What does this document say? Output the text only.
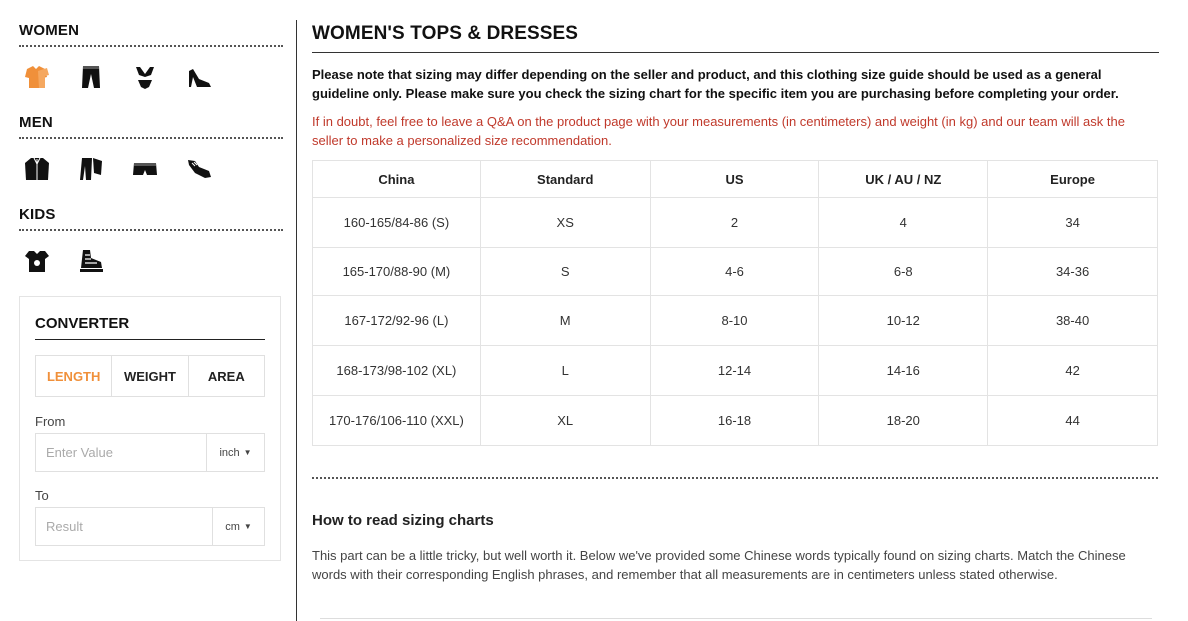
WOMEN
MEN
KIDS
CONVERTER
LENGTH	WEIGHT	AREA
From
Enter Value
inch ▼
To
Result
cm ▼
WOMEN'S TOPS & DRESSES
Please note that sizing may differ depending on the seller and product, and this clothing size guide should be used as a general guideline only. Please make sure you check the sizing chart for the specific item you are purchasing before completing your order.
If in doubt, feel free to leave a Q&A on the product page with your measurements (in centimeters) and weight (in kg) and our team will ask the seller to make a personalized size recommendation.
China	Standard	US	UK / AU / NZ	Europe
160-165/84-86 (S)	XS	2	4	34
165-170/88-90 (M)	S	4-6	6-8	34-36
167-172/92-96 (L)	M	8-10	10-12	38-40
168-173/98-102 (XL)	L	12-14	14-16	42
170-176/106-110 (XXL)	XL	16-18	18-20	44
How to read sizing charts
This part can be a little tricky, but well worth it. Below we've provided some Chinese words typically found on sizing charts. Match the Chinese words with their corresponding English phrases, and remember that all measurements are in centimeters unless stated otherwise.
